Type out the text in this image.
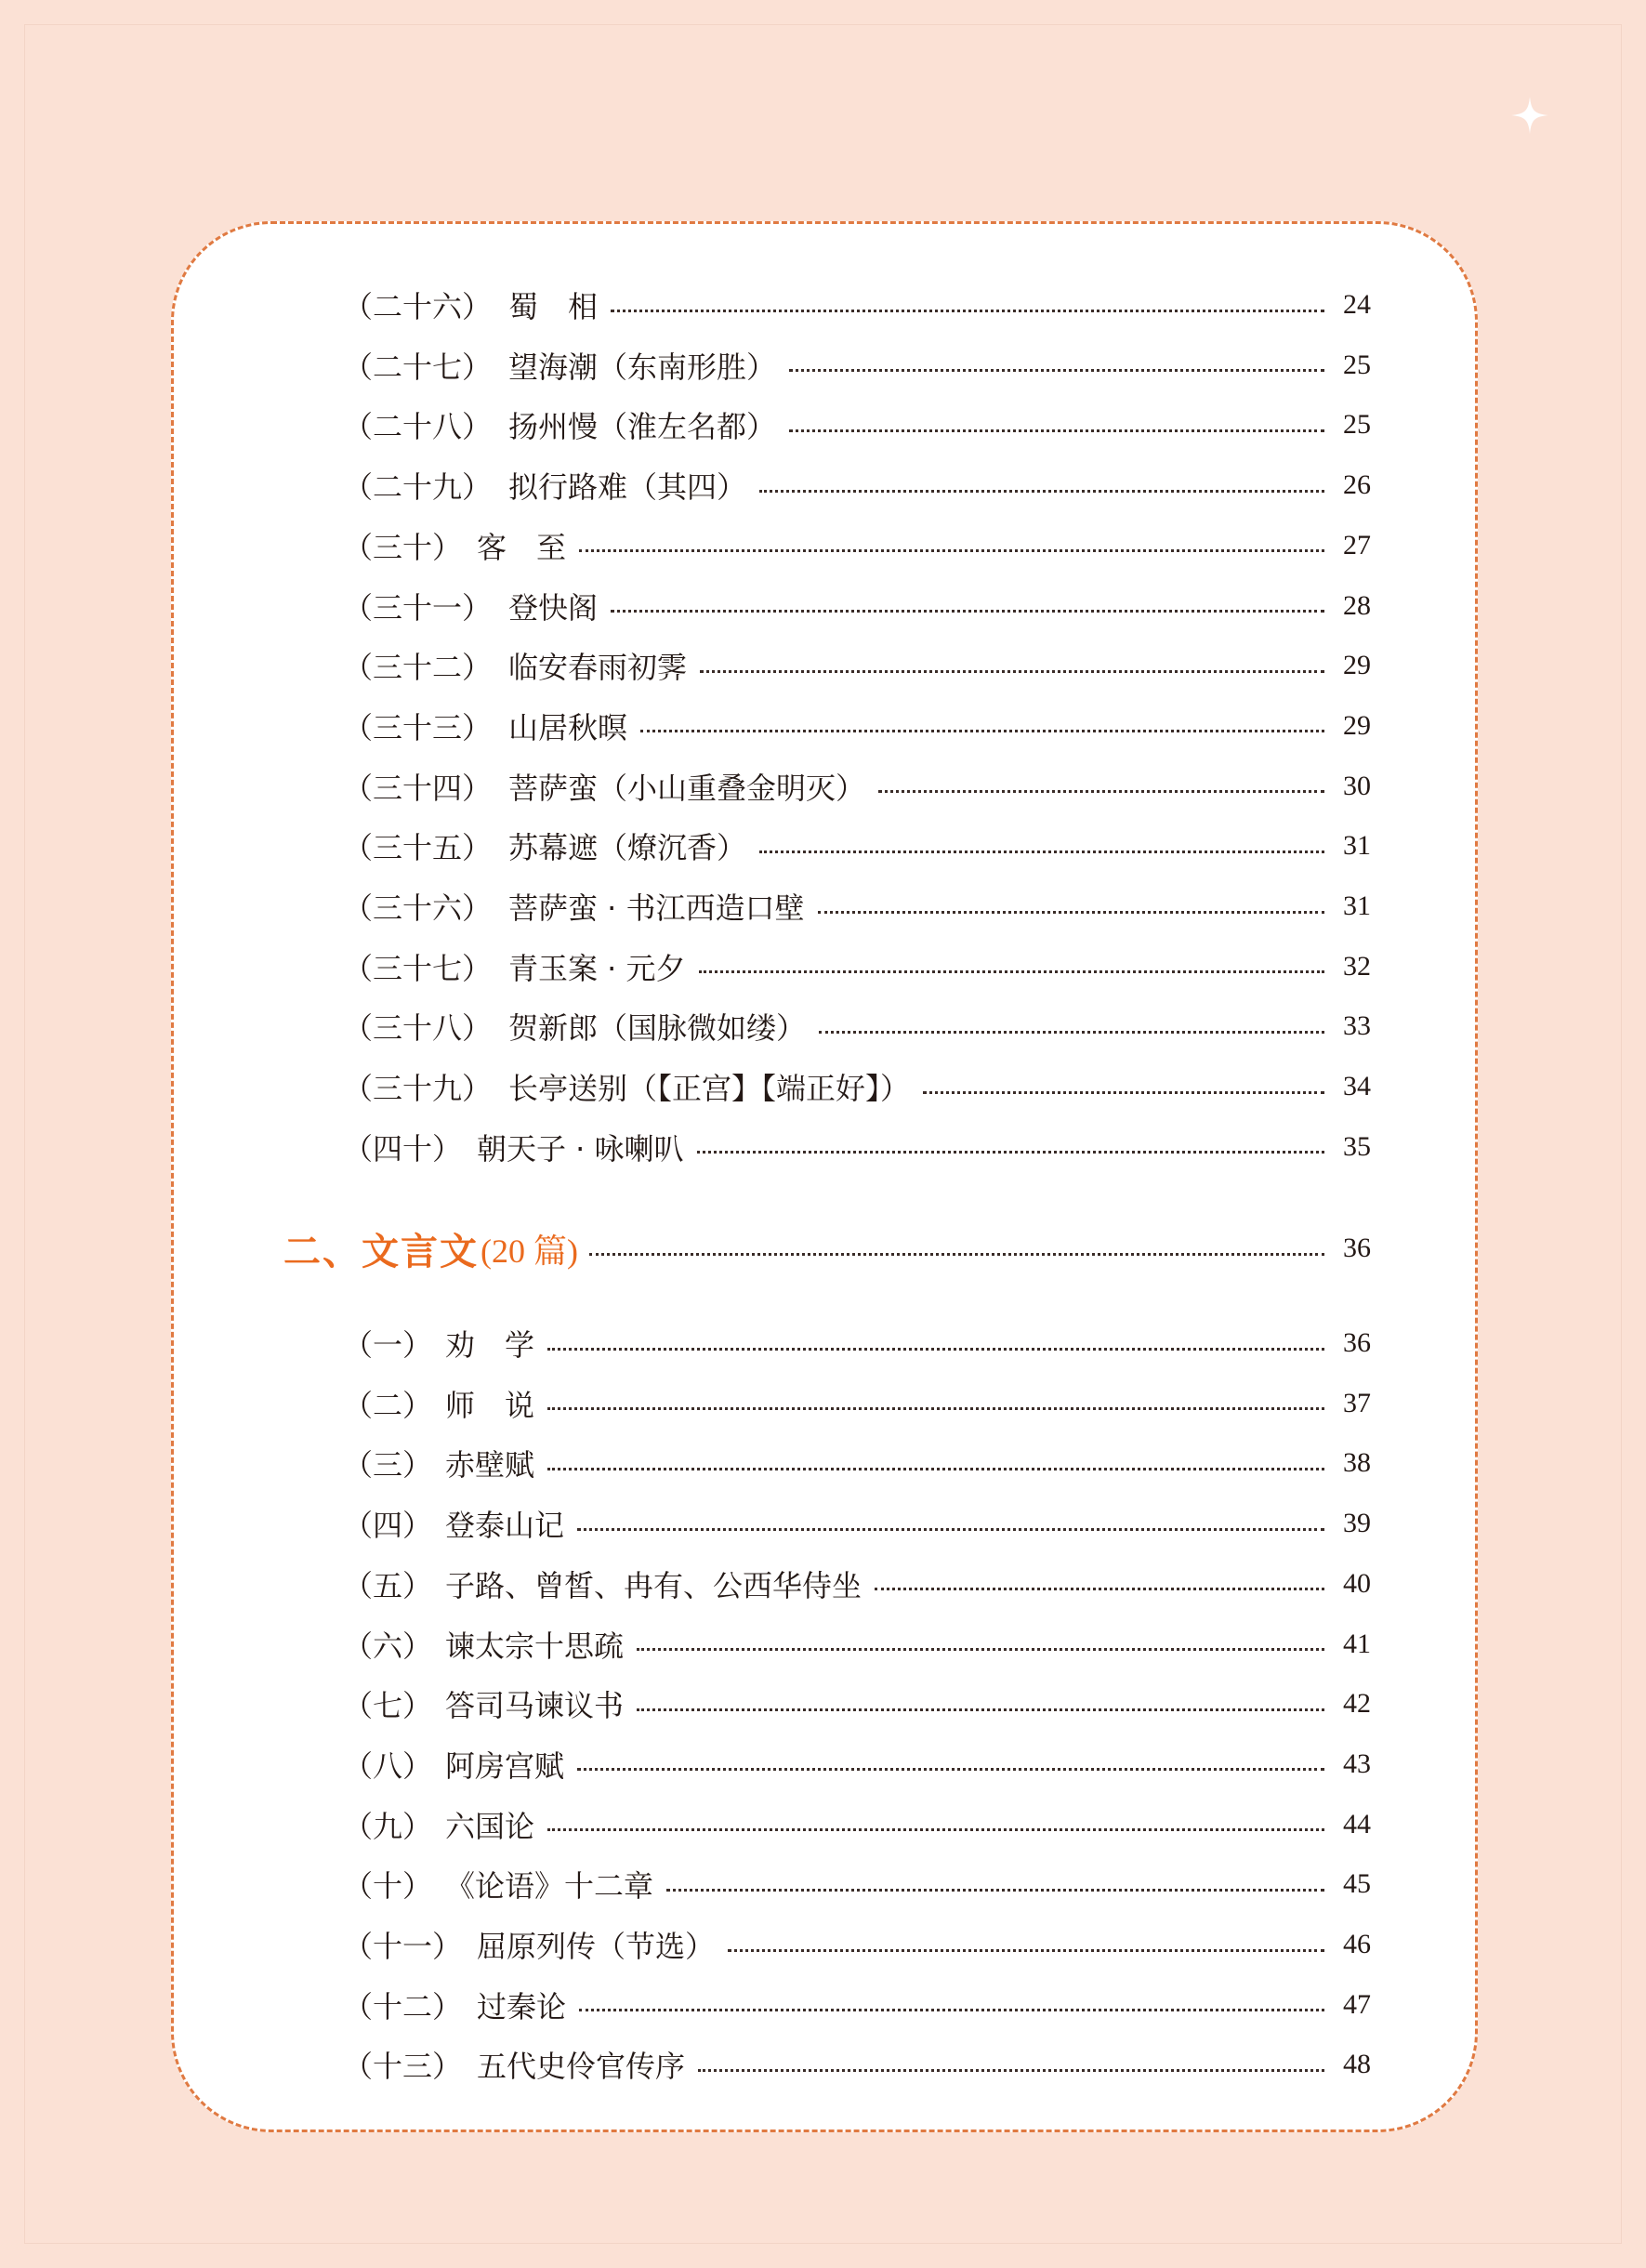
（二十六） 蜀　相	24
（二十七） 望海潮（东南形胜）	25
（二十八） 扬州慢（淮左名都）	25
（二十九） 拟行路难（其四）	26
（三十） 客　至	27
（三十一） 登快阁	28
（三十二） 临安春雨初霁	29
（三十三） 山居秋暝	29
（三十四） 菩萨蛮（小山重叠金明灭）	30
（三十五） 苏幕遮（燎沉香）	31
（三十六） 菩萨蛮 · 书江西造口壁	31
（三十七） 青玉案 · 元夕	32
（三十八） 贺新郎（国脉微如缕）	33
（三十九） 长亭送别（【正宫】【端正好】）	34
（四十） 朝天子 · 咏喇叭	35
二、文言文 (20 篇)	36
（一） 劝　学	36
（二） 师　说	37
（三） 赤壁赋	38
（四） 登泰山记	39
（五） 子路、曾皙、冉有、公西华侍坐	40
（六） 谏太宗十思疏	41
（七） 答司马谏议书	42
（八） 阿房宫赋	43
（九） 六国论	44
（十） 《论语》十二章	45
（十一） 屈原列传（节选）	46
（十二） 过秦论	47
（十三） 五代史伶官传序	48
